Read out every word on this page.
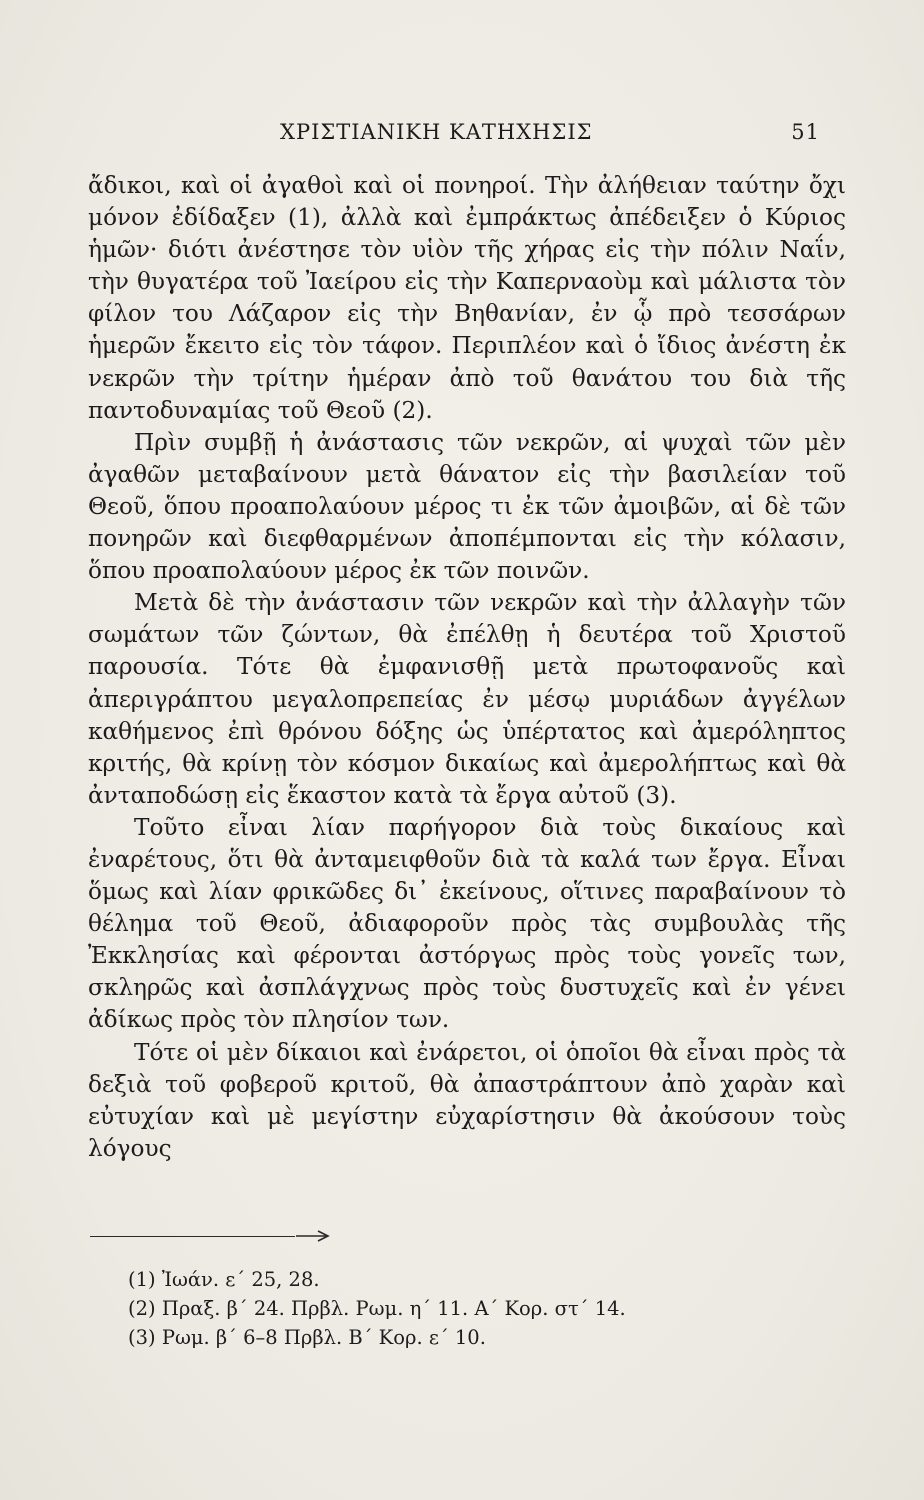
ΧΡΙΣΤΙΑΝΙΚΗ ΚΑΤΗΧΗΣΙΣ	51

ἄδικοι, καὶ οἱ ἀγαθοὶ καὶ οἱ πονηροί. Τὴν ἀλήθειαν ταύτην ὄχι μόνον ἐδίδαξεν (1), ἀλλὰ καὶ ἐμπράκτως ἀπέδειξεν ὁ Κύριος ἡμῶν· διότι ἀνέστησε τὸν υἱὸν τῆς χήρας εἰς τὴν πόλιν Ναΐν, τὴν θυγατέρα τοῦ Ἰαείρου εἰς τὴν Καπερναοὺμ καὶ μάλιστα τὸν φίλον του Λάζαρον εἰς τὴν Βηθανίαν, ἐν ᾧ πρὸ τεσσάρων ἡμερῶν ἔκειτο εἰς τὸν τάφον. Περιπλέον καὶ ὁ ἴδιος ἀνέστη ἐκ νεκρῶν τὴν τρίτην ἡμέραν ἀπὸ τοῦ θανάτου του διὰ τῆς παντοδυναμίας τοῦ Θεοῦ (2).

Πρὶν συμβῇ ἡ ἀνάστασις τῶν νεκρῶν, αἱ ψυχαὶ τῶν μὲν ἀγαθῶν μεταβαίνουν μετὰ θάνατον εἰς τὴν βασιλείαν τοῦ Θεοῦ, ὅπου προαπολαύουν μέρος τι ἐκ τῶν ἀμοιβῶν, αἱ δὲ τῶν πονηρῶν καὶ διεφθαρμένων ἀποπέμπονται εἰς τὴν κόλασιν, ὅπου προαπολαύουν μέρος ἐκ τῶν ποινῶν.

Μετὰ δὲ τὴν ἀνάστασιν τῶν νεκρῶν καὶ τὴν ἀλλαγὴν τῶν σωμάτων τῶν ζώντων, θὰ ἐπέλθῃ ἡ δευτέρα τοῦ Χριστοῦ παρουσία. Τότε θὰ ἐμφανισθῇ μετὰ πρωτοφανοῦς καὶ ἀπεριγράπτου μεγαλοπρεπείας ἐν μέσῳ μυριάδων ἀγγέλων καθήμενος ἐπὶ θρόνου δόξης ὡς ὑπέρτατος καὶ ἀμερόληπτος κριτής, θὰ κρίνῃ τὸν κόσμον δικαίως καὶ ἀμερολήπτως καὶ θὰ ἀνταποδώσῃ εἰς ἕκαστον κατὰ τὰ ἔργα αὐτοῦ (3).

Τοῦτο εἶναι λίαν παρήγορον διὰ τοὺς δικαίους καὶ ἐναρέτους, ὅτι θὰ ἀνταμειφθοῦν διὰ τὰ καλά των ἔργα. Εἶναι ὅμως καὶ λίαν φρικῶδες δι᾽ ἐκείνους, οἵτινες παραβαίνουν τὸ θέλημα τοῦ Θεοῦ, ἀδιαφοροῦν πρὸς τὰς συμβουλὰς τῆς Ἐκκλησίας καὶ φέρονται ἀστόργως πρὸς τοὺς γονεῖς των, σκληρῶς καὶ ἀσπλάγχνως πρὸς τοὺς δυστυχεῖς καὶ ἐν γένει ἀδίκως πρὸς τὸν πλησίον των.

Τότε οἱ μὲν δίκαιοι καὶ ἐνάρετοι, οἱ ὁποῖοι θὰ εἶναι πρὸς τὰ δεξιὰ τοῦ φοβεροῦ κριτοῦ, θὰ ἀπαστράπτουν ἀπὸ χαρὰν καὶ εὐτυχίαν καὶ μὲ μεγίστην εὐχαρίστησιν θὰ ἀκούσουν τοὺς λόγους

(1) Ἰωάν. ε΄ 25, 28.

(2) Πραξ. β΄ 24. Πρβλ. Ρωμ. η΄ 11. Α΄ Κορ. στ΄ 14.

(3) Ρωμ. β΄ 6–8 Πρβλ. Β΄ Κορ. ε΄ 10.
